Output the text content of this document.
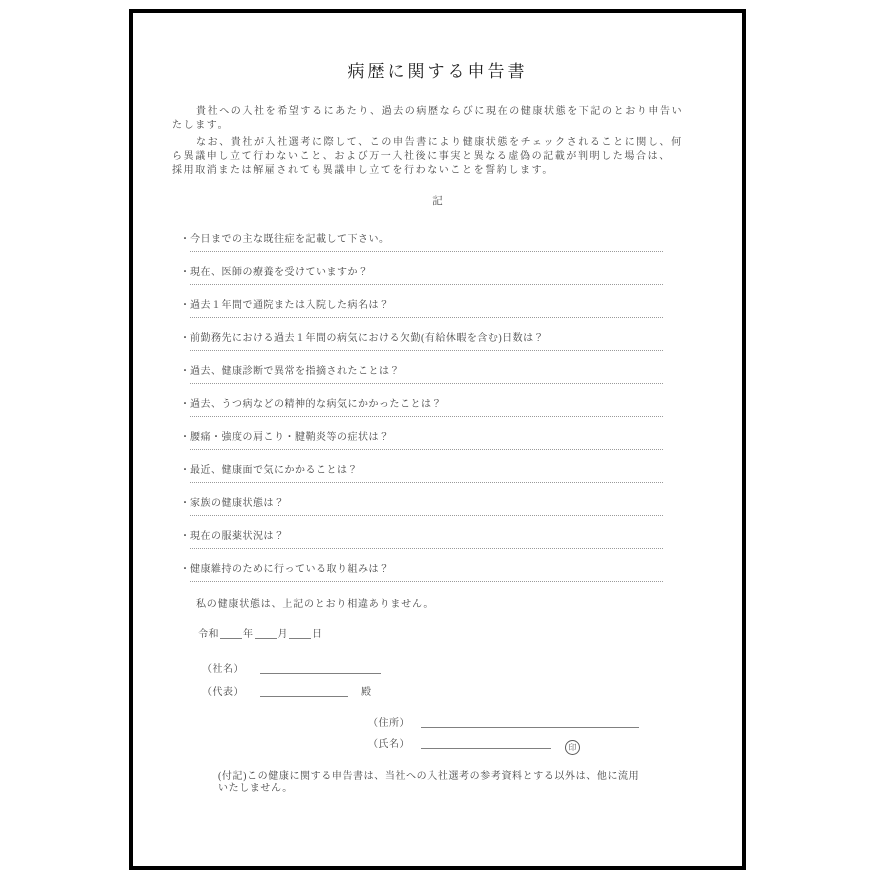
病歴に関する申告書
貴社への入社を希望するにあたり、過去の病歴ならびに現在の健康状態を下記のとおり申告い
たします。
なお、貴社が入社選考に際して、この申告書により健康状態をチェックされることに関し、何
ら異議申し立て行わないこと、および万一入社後に事実と異なる虚偽の記載が判明した場合は、
採用取消または解雇されても異議申し立てを行わないことを誓約します。
記
・ 今日までの主な既往症を記載して下さい。
・ 現在、医師の療養を受けていますか？
・ 過去１年間で通院または入院した病名は？
・ 前勤務先における過去１年間の病気における欠勤(有給休暇を含む)日数は？
・ 過去、健康診断で異常を指摘されたことは？
・ 過去、うつ病などの精神的な病気にかかったことは？
・ 腰痛・強度の肩こり・腱鞘炎等の症状は？
・ 最近、健康面で気にかかることは？
・ 家族の健康状態は？
・ 現在の服薬状況は？
・ 健康維持のために行っている取り組みは？
私の健康状態は、上記のとおり相違ありません。
令和 年 月 日
（社名）
（代表）	殿
（住所）
（氏名）	印
(付記)この健康に関する申告書は、当社への入社選考の参考資料とする以外は、他に流用
いたしません。
